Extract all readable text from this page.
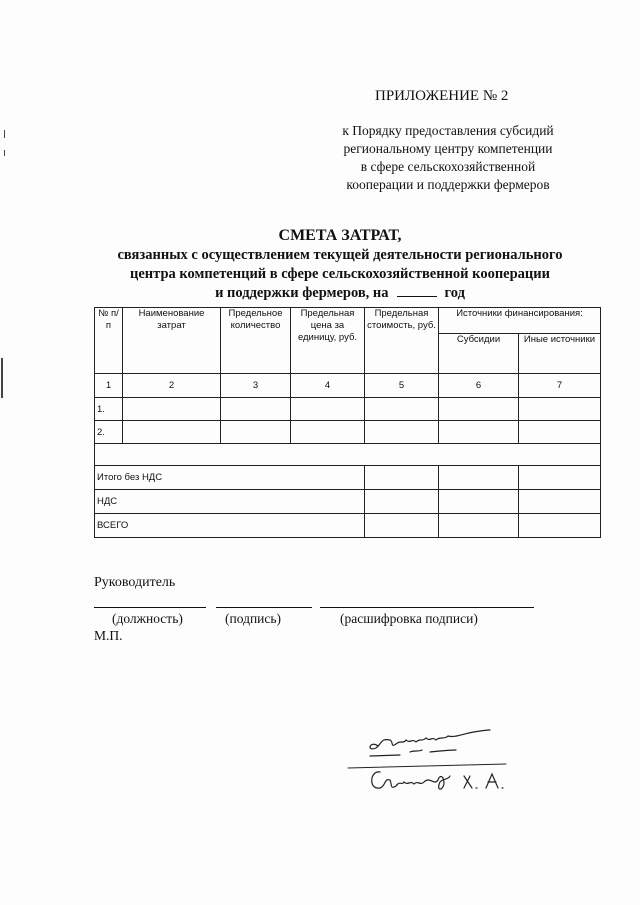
ПРИЛОЖЕНИЕ № 2
к Порядку предоставления субсидий
региональному центру компетенции
в сфере сельскохозяйственной
кооперации и поддержки фермеров
СМЕТА ЗАТРАТ,
связанных с осуществлением текущей деятельности регионального
центра компетенций в сфере сельскохозяйственной кооперации
и поддержки фермеров, на	год
№ п/п	Наименование затрат	Предельное количество	Предельная цена за единицу, руб.	Предельная стоимость, руб.	Источники финансирования:	
					Субсидии	Иные источники
1	2	3	4	5	6	7
1.						
2.						

Итого без НДС						
НДС						
ВСЕГО						
Руководитель
(должность)	(подпись)	(расшифровка подписи)
М.П.
